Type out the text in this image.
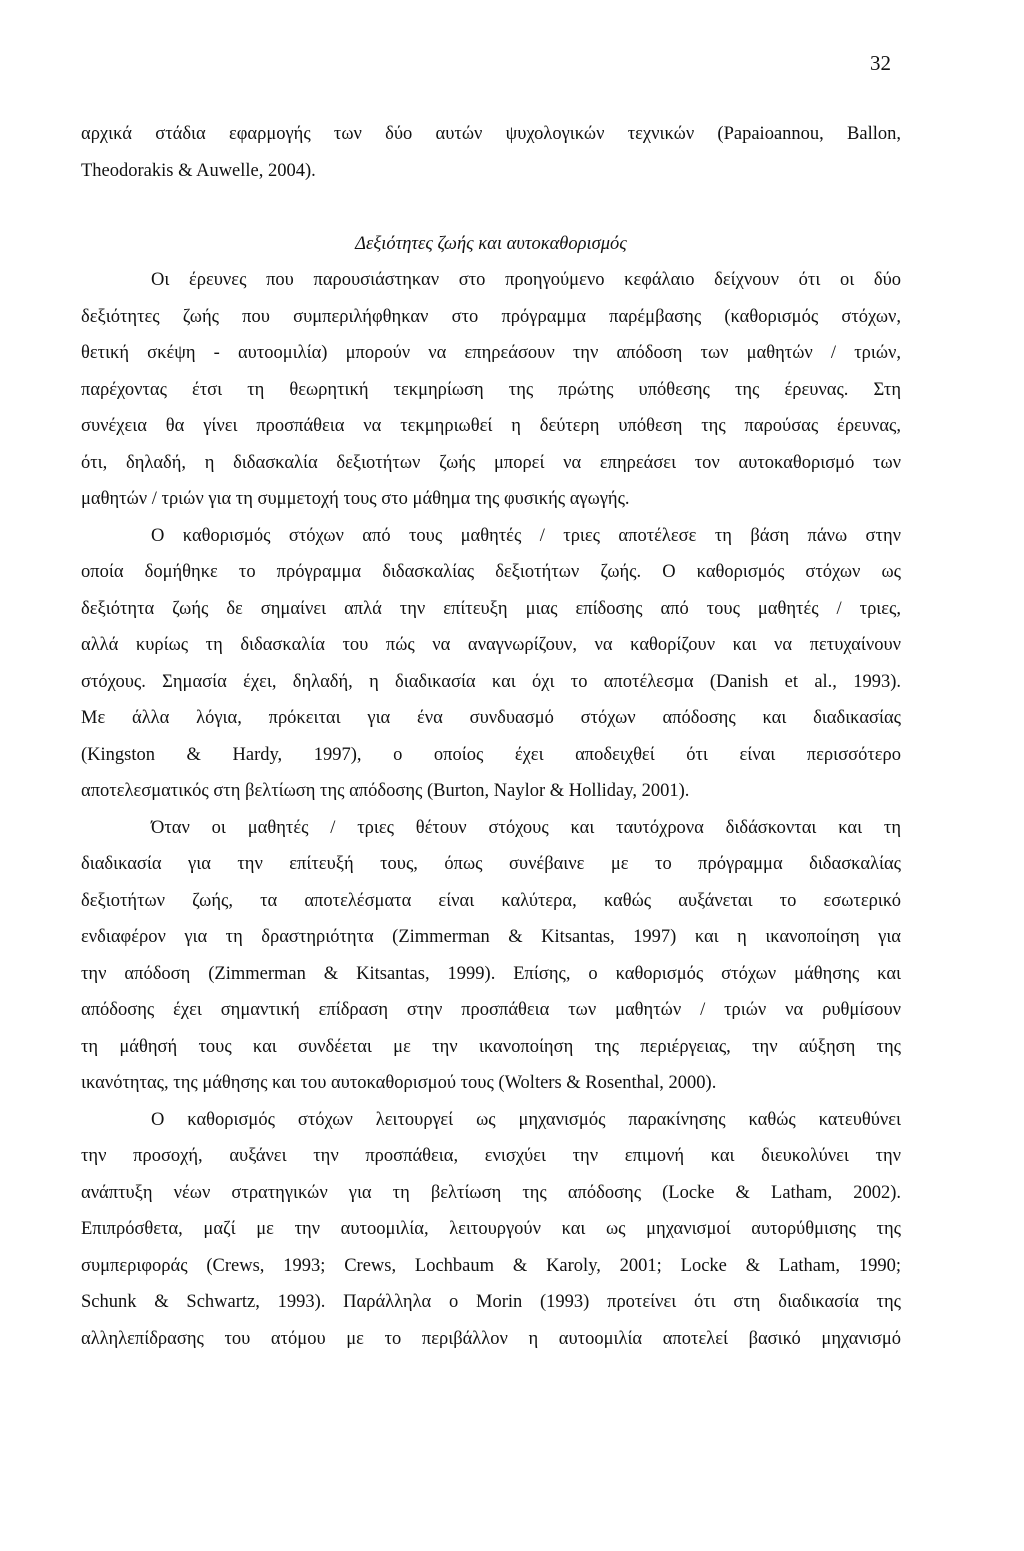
32
αρχικά στάδια εφαρμογής των δύο αυτών ψυχολογικών τεχνικών (Papaioannou, Ballon,
Theodorakis & Auwelle, 2004).
Δεξιότητες ζωής και αυτοκαθορισμός
Οι έρευνες που παρουσιάστηκαν στο προηγούμενο κεφάλαιο δείχνουν ότι οι δύο
δεξιότητες ζωής που συμπεριλήφθηκαν στο πρόγραμμα παρέμβασης (καθορισμός στόχων,
θετική σκέψη - αυτοομιλία) μπορούν να επηρεάσουν την απόδοση των μαθητών / τριών,
παρέχοντας έτσι τη θεωρητική τεκμηρίωση της πρώτης υπόθεσης της έρευνας. Στη
συνέχεια θα γίνει προσπάθεια να τεκμηριωθεί η δεύτερη υπόθεση της παρούσας έρευνας,
ότι, δηλαδή, η διδασκαλία δεξιοτήτων ζωής μπορεί να επηρεάσει τον αυτοκαθορισμό των
μαθητών / τριών για τη συμμετοχή τους στο μάθημα της φυσικής αγωγής.
Ο καθορισμός στόχων από τους μαθητές / τριες αποτέλεσε τη βάση πάνω στην
οποία δομήθηκε το πρόγραμμα διδασκαλίας δεξιοτήτων ζωής. Ο καθορισμός στόχων ως
δεξιότητα ζωής δε σημαίνει απλά την επίτευξη μιας επίδοσης από τους μαθητές / τριες,
αλλά κυρίως τη διδασκαλία του πώς να αναγνωρίζουν, να καθορίζουν και να πετυχαίνουν
στόχους. Σημασία έχει, δηλαδή, η διαδικασία και όχι το αποτέλεσμα (Danish et al., 1993).
Με άλλα λόγια, πρόκειται για ένα συνδυασμό στόχων απόδοσης και διαδικασίας
(Kingston & Hardy, 1997), ο οποίος έχει αποδειχθεί ότι είναι περισσότερο
αποτελεσματικός στη βελτίωση της απόδοσης (Burton, Naylor & Holliday, 2001).
Όταν οι μαθητές / τριες θέτουν στόχους και ταυτόχρονα διδάσκονται και τη
διαδικασία για την επίτευξή τους, όπως συνέβαινε με το πρόγραμμα διδασκαλίας
δεξιοτήτων ζωής, τα αποτελέσματα είναι καλύτερα, καθώς αυξάνεται το εσωτερικό
ενδιαφέρον για τη δραστηριότητα (Zimmerman & Kitsantas, 1997) και η ικανοποίηση για
την απόδοση (Zimmerman & Kitsantas, 1999). Επίσης, ο καθορισμός στόχων μάθησης και
απόδοσης έχει σημαντική επίδραση στην προσπάθεια των μαθητών / τριών να ρυθμίσουν
τη μάθησή τους και συνδέεται με την ικανοποίηση της περιέργειας, την αύξηση της
ικανότητας, της μάθησης και του αυτοκαθορισμού τους (Wolters & Rosenthal, 2000).
Ο καθορισμός στόχων λειτουργεί ως μηχανισμός παρακίνησης καθώς κατευθύνει
την προσοχή, αυξάνει την προσπάθεια, ενισχύει την επιμονή και διευκολύνει την
ανάπτυξη νέων στρατηγικών για τη βελτίωση της απόδοσης (Locke & Latham, 2002).
Επιπρόσθετα, μαζί με την αυτοομιλία, λειτουργούν και ως μηχανισμοί αυτορύθμισης της
συμπεριφοράς (Crews, 1993; Crews, Lochbaum & Karoly, 2001; Locke & Latham, 1990;
Schunk & Schwartz, 1993). Παράλληλα ο Morin (1993) προτείνει ότι στη διαδικασία της
αλληλεπίδρασης του ατόμου με το περιβάλλον η αυτοομιλία αποτελεί βασικό μηχανισμό
